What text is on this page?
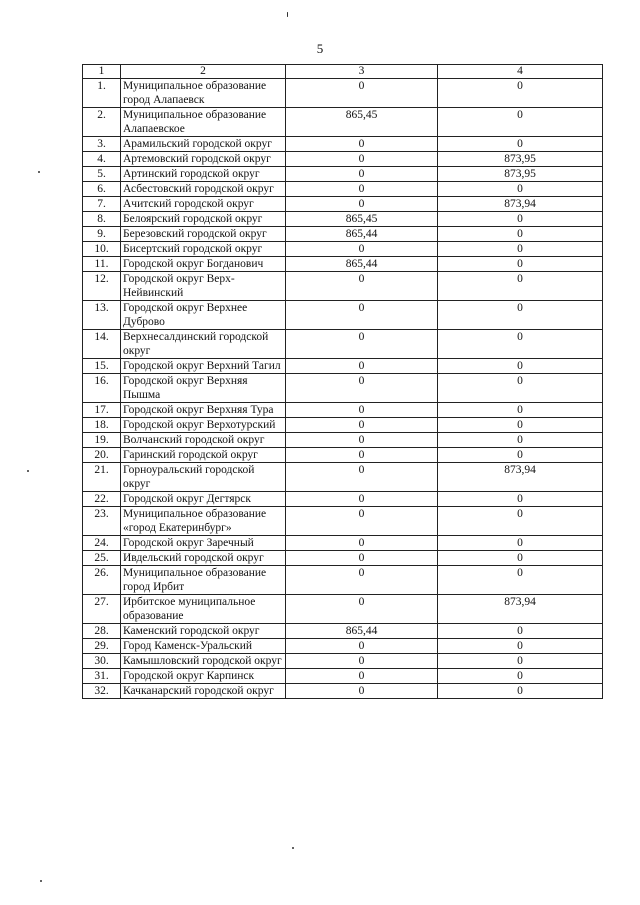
5
1	2	3	4
1.	Муниципальное образование город Алапаевск	0	0
2.	Муниципальное образование Алапаевское	865,45	0
3.	Арамильский городской округ	0	0
4.	Артемовский городской округ	0	873,95
5.	Артинский городской округ	0	873,95
6.	Асбестовский городской округ	0	0
7.	Ачитский городской округ	0	873,94
8.	Белоярский городской округ	865,45	0
9.	Березовский городской округ	865,44	0
10.	Бисертский городской округ	0	0
11.	Городской округ Богданович	865,44	0
12.	Городской округ Верх-Нейвинский	0	0
13.	Городской округ Верхнее Дуброво	0	0
14.	Верхнесалдинский городской округ	0	0
15.	Городской округ Верхний Тагил	0	0
16.	Городской округ Верхняя Пышма	0	0
17.	Городской округ Верхняя Тура	0	0
18.	Городской округ Верхотурский	0	0
19.	Волчанский городской округ	0	0
20.	Гаринский городской округ	0	0
21.	Горноуральский городской округ	0	873,94
22.	Городской округ Дегтярск	0	0
23.	Муниципальное образование «город Екатеринбург»	0	0
24.	Городской округ Заречный	0	0
25.	Ивдельский городской округ	0	0
26.	Муниципальное образование город Ирбит	0	0
27.	Ирбитское муниципальное образование	0	873,94
28.	Каменский городской округ	865,44	0
29.	Город Каменск-Уральский	0	0
30.	Камышловский городской округ	0	0
31.	Городской округ Карпинск	0	0
32.	Качканарский городской округ	0	0
